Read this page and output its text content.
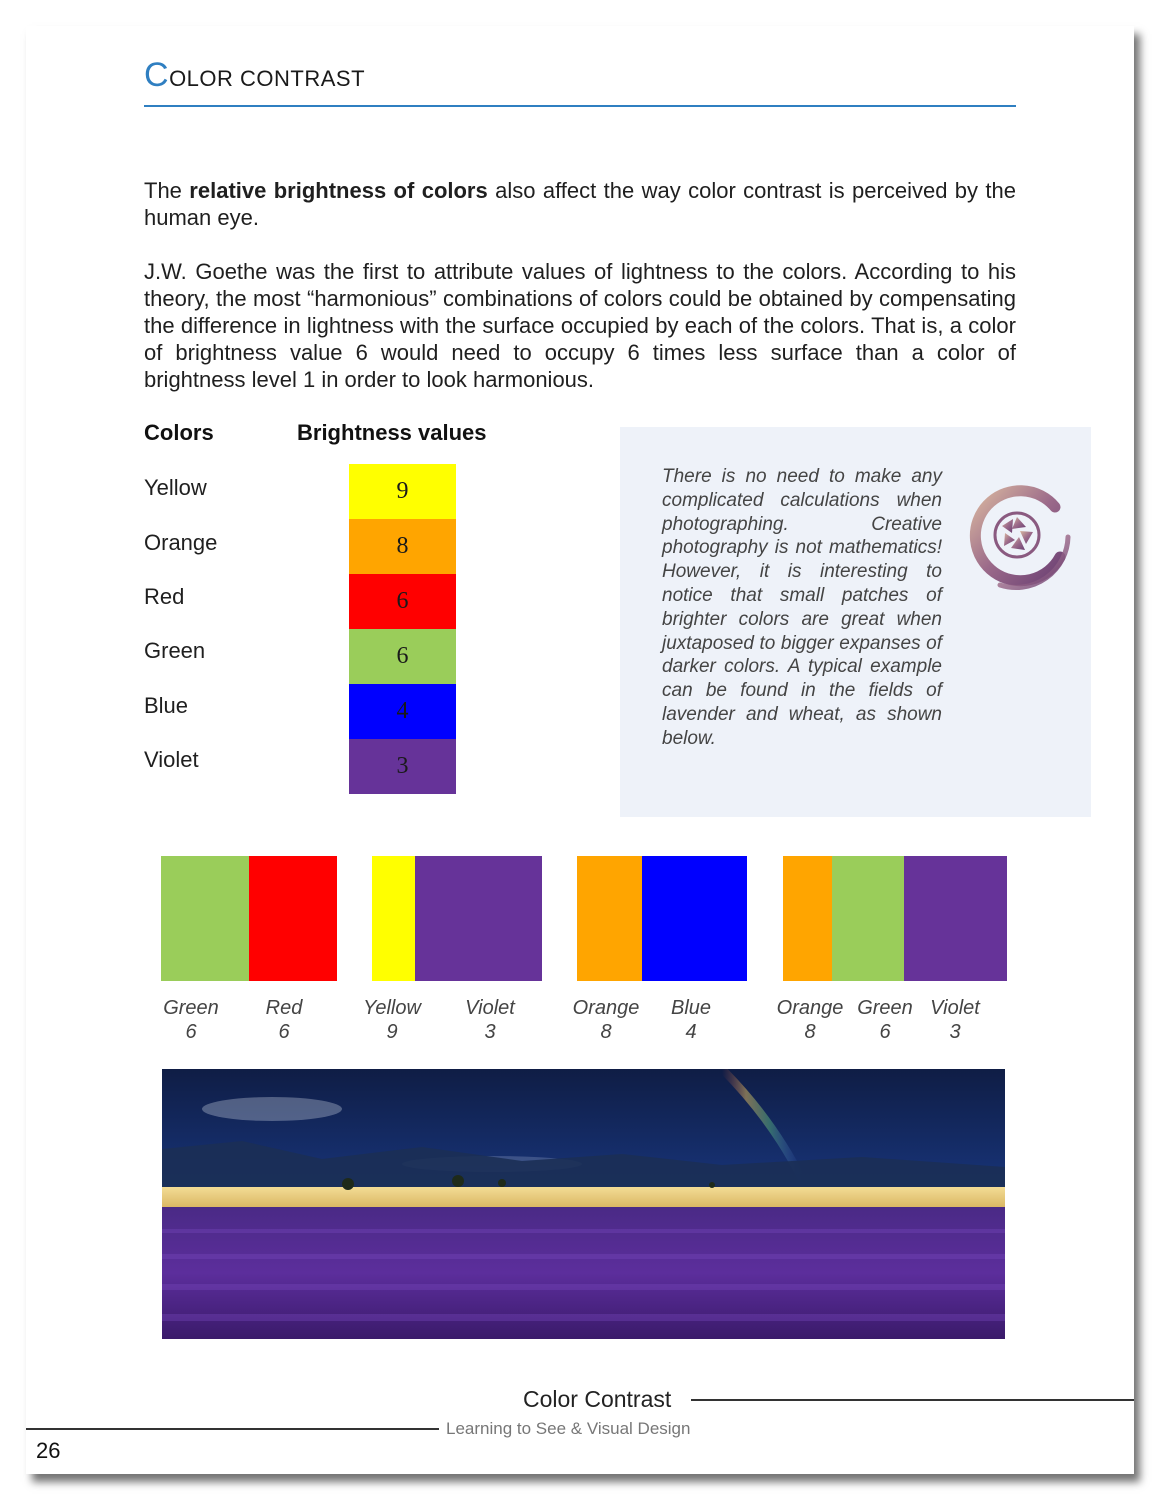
COLOR CONTRAST
The relative brightness of colors also affect the way color contrast is perceived by the human eye.
J.W. Goethe was the first to attribute values of lightness to the colors. According to his theory, the most “harmonious” combinations of colors could be obtained by compensating the difference in lightness with the surface occupied by each of the colors. That is, a color of brightness value 6 would need to occupy 6 times less surface than a color of brightness level 1 in order to look harmonious.
Colors	Brightness values
Yellow
Orange
Red
Green
Blue
Violet
9
8
6
6
4
3
There is no need to make any complicated calculations when photographing. Creative photography is not mathematics! However, it is interesting to notice that small patches of brighter colors are great when juxtaposed to bigger expanses of darker colors. A typical example can be found in the fields of lavender and wheat, as shown below.
Green
6
Red
6
Yellow
9
Violet
3
Orange
8
Blue
4
Orange
8
Green
6
Violet
3
Color Contrast
Learning to See & Visual Design
26
